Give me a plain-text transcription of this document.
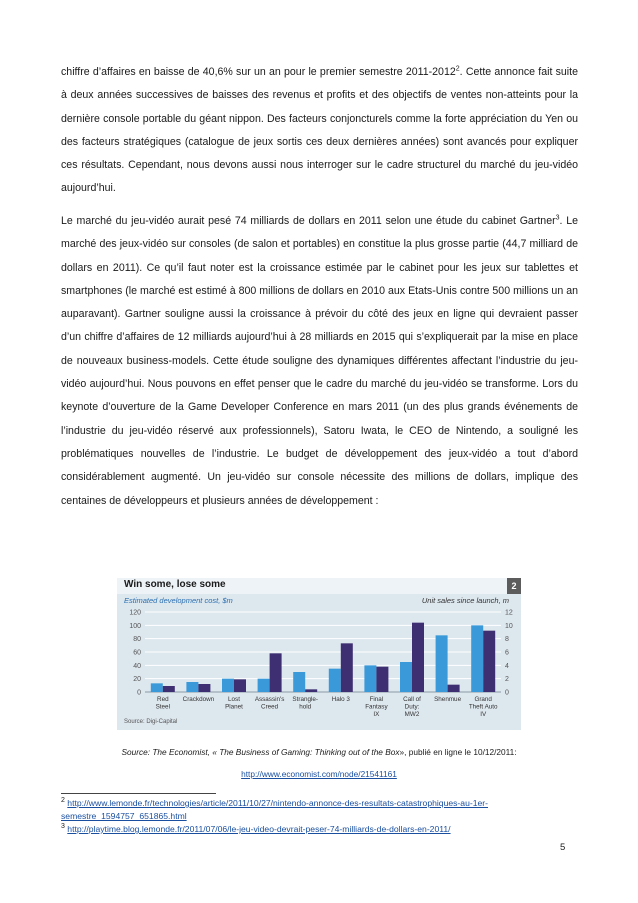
chiffre d’affaires en baisse de 40,6% sur un an pour le premier semestre 2011-2012$^2$. Cette annonce fait suite à deux années successives de baisses des revenus et profits et des objectifs de ventes non-atteints pour la dernière console portable du géant nippon. Des facteurs conjoncturels comme la forte appréciation du Yen ou des facteurs stratégiques (catalogue de jeux sortis ces deux dernières années) sont avancés pour expliquer ces résultats. Cependant, nous devons aussi nous interroger sur le cadre structurel du marché du jeu-vidéo aujourd’hui.

Le marché du jeu-vidéo aurait pesé 74 milliards de dollars en 2011 selon une étude du cabinet Gartner$^3$. Le marché des jeux-vidéo sur consoles (de salon et portables) en constitue la plus grosse partie (44,7 milliard de dollars en 2011). Ce qu’il faut noter est la croissance estimée par le cabinet pour les jeux sur tablettes et smartphones (le marché est estimé à 800 millions de dollars en 2010 aux Etats-Unis contre 500 millions un an auparavant). Gartner souligne aussi la croissance à prévoir du côté des jeux en ligne qui devraient passer d’un chiffre d’affaires de 12 milliards aujourd’hui à 28 milliards en 2015 qui s’expliquerait par la mise en place de nouveaux business-models. Cette étude souligne des dynamiques différentes affectant l’industrie du jeu-vidéo aujourd’hui. Nous pouvons en effet penser que le cadre du marché du jeu-vidéo se transforme. Lors du keynote d’ouverture de la Game Developer Conference en mars 2011 (un des plus grands événements de l’industrie du jeu-vidéo réservé aux professionnels), Satoru Iwata, le CEO de Nintendo, a souligné les problématiques nouvelles de l’industrie. Le budget de développement des jeux-vidéo a tout d’abord considérablement augmenté. Un jeu-vidéo sur console nécessite des millions de dollars, implique des centaines de développeurs et plusieurs années de développement :

Win some, lose some	2
Estimated development cost, $m	Unit sales since launch, m
120	12
100	10
80	8
60	6
40	4
20	2
0	0
Red
Steel
Crackdown Lost
Planet
Assassin's
Creed
Strangle-
hold
Halo 3	Final
Fantasy
IX
Call of
Duty:
MW2
Shenmue Grand
Theft Auto
IV
Source: Digi-Capital
Source: The Economist, « The Business of Gaming: Thinking out of the Box», publié en ligne le 10/12/2011:
http://www.economist.com/node/21541161
$^2$ http://www.lemonde.fr/technologies/article/2011/10/27/nintendo-annonce-des-resultats-catastrophiques-au-1er-
semestre_1594757_651865.html
$^3$ http://playtime.blog.lemonde.fr/2011/07/06/le-jeu-video-devrait-peser-74-milliards-de-dollars-en-2011/
5
